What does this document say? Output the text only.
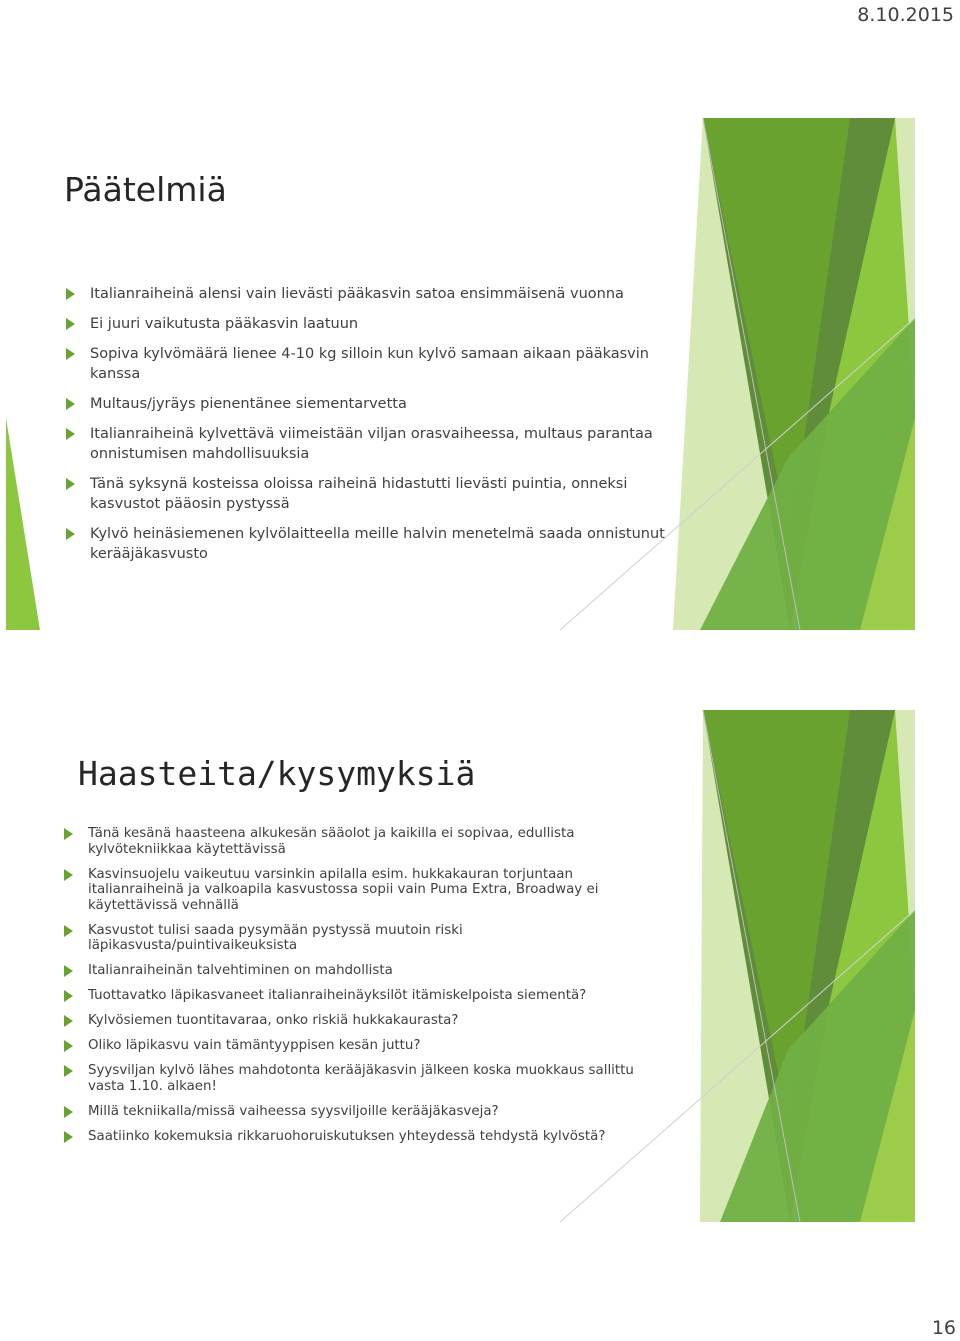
8.10.2015
Päätelmiä
Italianraiheinä alensi vain lievästi pääkasvin satoa ensimmäisenä vuonna
Ei juuri vaikutusta pääkasvin laatuun
Sopiva kylvömäärä lienee 4-10 kg silloin kun kylvö samaan aikaan pääkasvin kanssa
Multaus/jyräys pienentänee siementarvetta
Italianraiheinä kylvettävä viimeistään viljan orasvaiheessa, multaus parantaa onnistumisen mahdollisuuksia
Tänä syksynä kosteissa oloissa raiheinä hidastutti lievästi puintia, onneksi kasvustot pääosin pystyssä
Kylvö heinäsiemenen kylvölaitteella meille halvin menetelmä saada onnistunut kerääjäkasvusto
Haasteita/kysymyksiä
Tänä kesänä haasteena alkukesän sääolot ja kaikilla ei sopivaa, edullista kylvötekniikkaa käytettävissä
Kasvinsuojelu vaikeutuu varsinkin apilalla esim. hukkakauran torjuntaan italianraiheinä ja valkoapila kasvustossa sopii vain Puma Extra, Broadway ei käytettävissä vehnällä
Kasvustot tulisi saada pysymään pystyssä muutoin riski läpikasvusta/puintivaikeuksista
Italianraiheinän talvehtiminen on mahdollista
Tuottavatko läpikasvaneet italianraiheinäyksilöt itämiskelpoista siementä?
Kylvösiemen tuontitavaraa, onko riskiä hukkakaurasta?
Oliko läpikasvu vain tämäntyyppisen kesän juttu?
Syysviljan kylvö lähes mahdotonta kerääjäkasvin jälkeen koska muokkaus sallittu vasta 1.10. alkaen!
Millä tekniikalla/missä vaiheessa syysviljoille kerääjäkasveja?
Saatiinko kokemuksia rikkaruohoruiskutuksen yhteydessä tehdystä kylvöstä?
16
